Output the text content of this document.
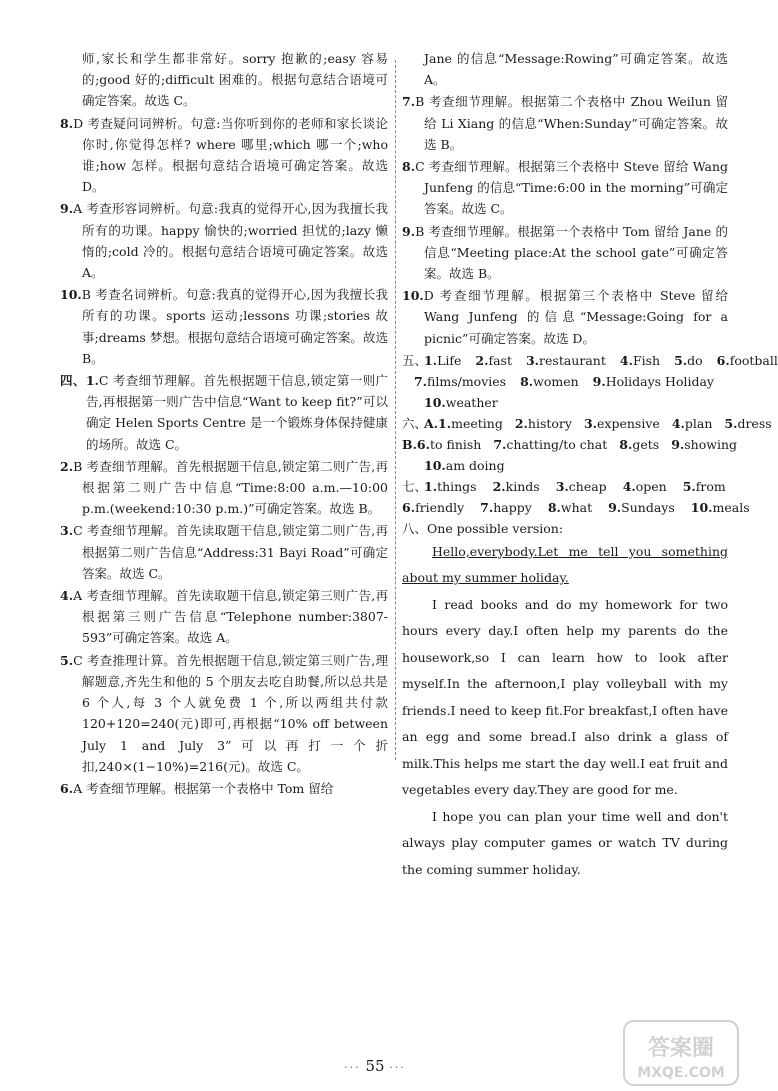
师,家长和学生都非常好。sorry 抱歉的;easy 容易的;good 好的;difficult 困难的。根据句意结合语境可确定答案。故选 C。

8.D 考查疑问词辨析。句意:当你听到你的老师和家长谈论你时,你觉得怎样? where 哪里;which 哪一个;who 谁;how 怎样。根据句意结合语境可确定答案。故选 D。

9.A 考查形容词辨析。句意:我真的觉得开心,因为我擅长我所有的功课。happy 愉快的;worried 担忧的;lazy 懒惰的;cold 冷的。根据句意结合语境可确定答案。故选 A。

10.B 考查名词辨析。句意:我真的觉得开心,因为我擅长我所有的功课。sports 运动;lessons 功课;stories 故事;dreams 梦想。根据句意结合语境可确定答案。故选 B。

四、1.C 考查细节理解。首先根据题干信息,锁定第一则广告,再根据第一则广告中信息“Want to keep fit?”可以确定 Helen Sports Centre 是一个锻炼身体保持健康的场所。故选 C。

2.B 考查细节理解。首先根据题干信息,锁定第二则广告,再根据第二则广告中信息“Time:8:00 a.m.—10:00 p.m.(weekend:10:30 p.m.)”可确定答案。故选 B。

3.C 考查细节理解。首先读取题干信息,锁定第二则广告,再根据第二则广告信息“Address:31 Bayi Road”可确定答案。故选 C。

4.A 考查细节理解。首先读取题干信息,锁定第三则广告,再根据第三则广告信息“Telephone number:3807-593”可确定答案。故选 A。

5.C 考查推理计算。首先根据题干信息,锁定第三则广告,理解题意,齐先生和他的 5 个朋友去吃自助餐,所以总共是 6 个人,每 3 个人就免费 1 个,所以两组共付款 120+120=240(元)即可,再根据“10% off between July 1 and July 3”可以再打一个折扣,240×(1−10%)=216(元)。故选 C。

6.A 考查细节理解。根据第一个表格中 Tom 留给

Jane 的信息“Message:Rowing”可确定答案。故选 A。

7.B 考查细节理解。根据第二个表格中 Zhou Weilun 留给 Li Xiang 的信息“When:Sunday”可确定答案。故选 B。

8.C 考查细节理解。根据第三个表格中 Steve 留给 Wang Junfeng 的信息“Time:6:00 in the morning”可确定答案。故选 C。

9.B 考查细节理解。根据第一个表格中 Tom 留给 Jane 的信息“Meeting place:At the school gate”可确定答案。故选 B。

10.D 考查细节理解。根据第三个表格中 Steve 留给 Wang Junfeng 的信息“Message:Going for a picnic”可确定答案。故选 D。

五、
1.Life 2.fast 3.restaurant 4.Fish 5.do 6.football
7.films/movies 8.women 9.Holidays Holiday
10.weather
六、
A.1.meeting 2.history 3.expensive 4.plan 5.dress
B.6.to finish 7.chatting/to chat 8.gets 9.showing
10.am doing
七、
1.things 2.kinds 3.cheap 4.open 5.from
6.friendly 7.happy 8.what 9.Sundays 10.meals
八、 One possible version:

Hello,everybody.Let me tell you something about my summer holiday.

I read books and do my homework for two hours every day.I often help my parents do the housework,so I can learn how to look after myself.In the afternoon,I play volleyball with my friends.I need to keep fit.For breakfast,I often have an egg and some bread.I also drink a glass of milk.This helps me start the day well.I eat fruit and vegetables every day.They are good for me.

I hope you can plan your time well and don't always play computer games or watch TV during the coming summer holiday.

··· 55 ···
答案圈
MXQE.COM
